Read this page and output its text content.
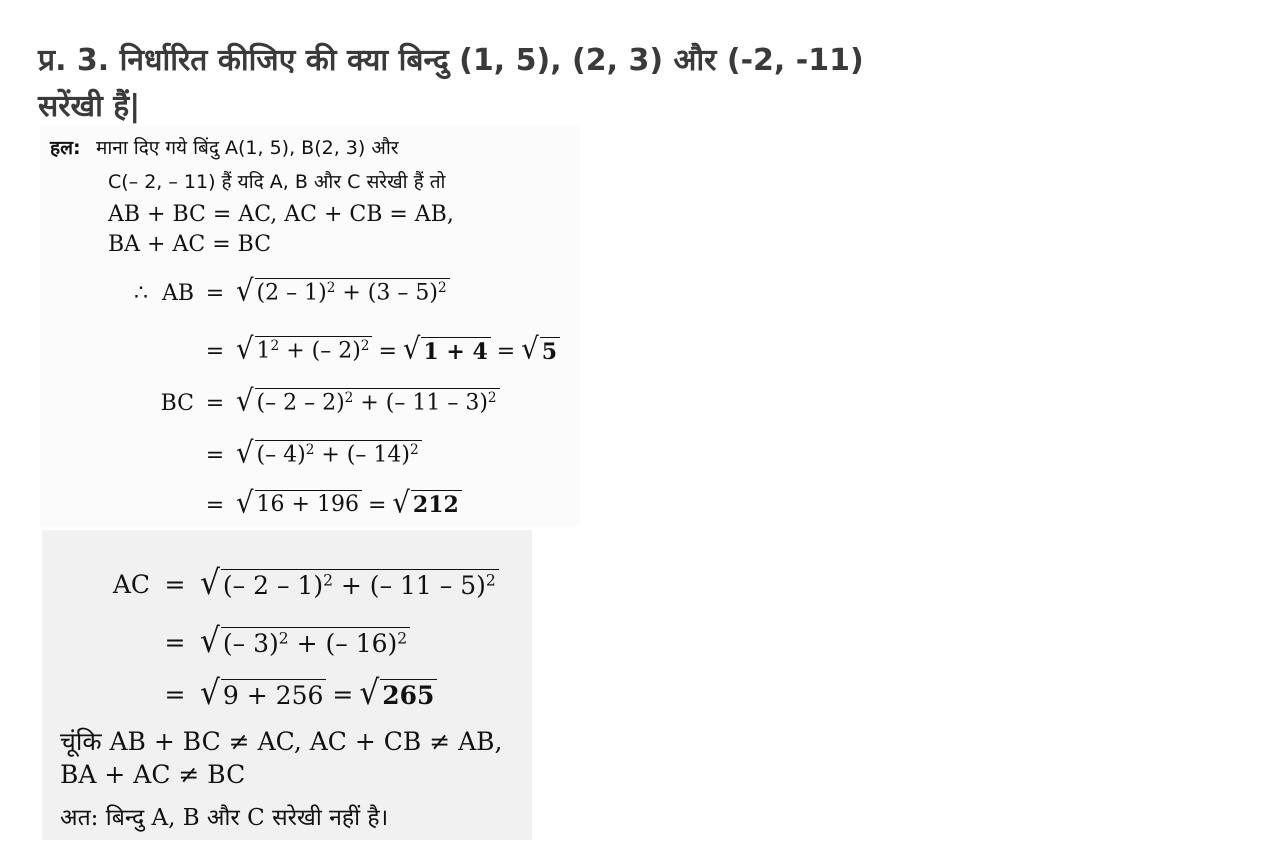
प्र. 3. निर्धारित कीजिए की क्या बिन्दु (1, 5), (2, 3) और (-2, -11)
सरेंखी हैं|
हल: माना दिए गये बिंदु A(1, 5), B(2, 3) और
C(– 2, – 11) हैं यदि A, B और C सरेखी हैं तो
AB + BC = AC, AC + CB = AB,
BA + AC = BC
∴ AB = √ (2 – 1)$^2$ + (3 – 5)$^2$
= √ $1^2$ + (– 2)$^2$ = √ 1 + 4 = √ 5
BC = √ (– 2 – 2)$^2$ + (– 11 – 3)$^2$
= √ (– 4)$^2$ + (– 14)$^2$
= √ 16 + 196 = √ 212
AC = √ (– 2 – 1)$^2$ + (– 11 – 5)$^2$
= √ (– 3)$^2$ + (– 16)$^2$
= √ 9 + 256 = √ 265
चूंकि AB + BC ≠ AC, AC + CB ≠ AB,
BA + AC ≠ BC
अत: बिन्दु A, B और C सरेखी नहीं है।
